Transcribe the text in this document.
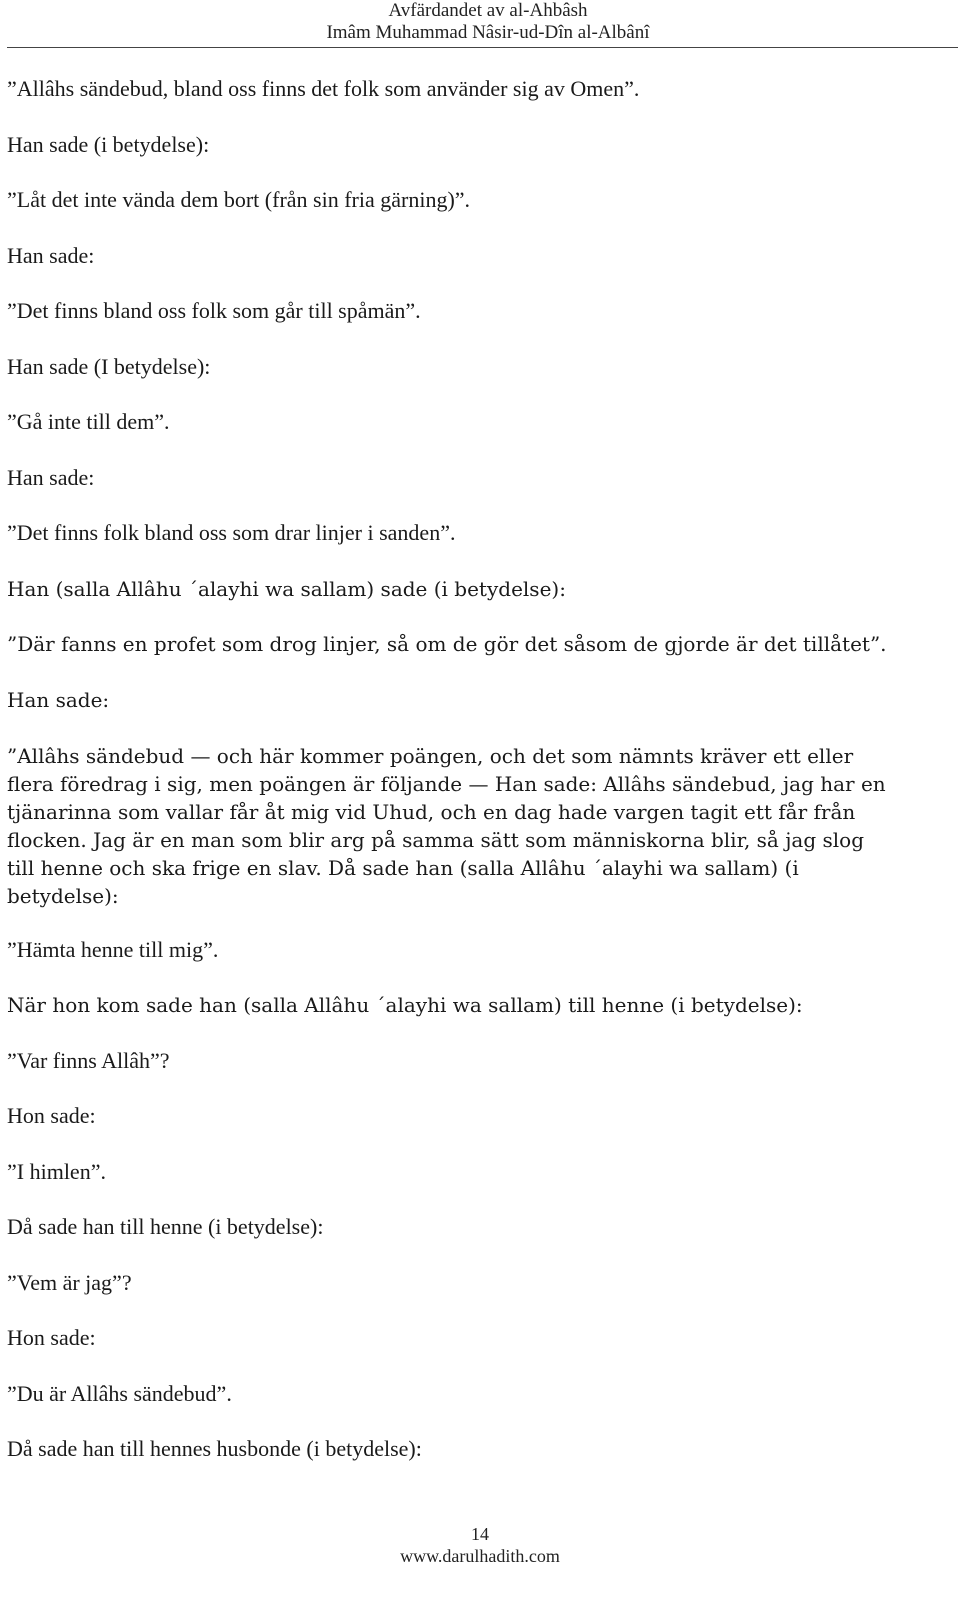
Avfärdandet av al-Ahbâsh
Imâm Muhammad Nâsir-ud-Dîn al-Albânî
”Allâhs sändebud, bland oss finns det folk som använder sig av Omen”.
Han sade (i betydelse):
”Låt det inte vända dem bort (från sin fria gärning)”.
Han sade:
”Det finns bland oss folk som går till spåmän”.
Han sade (I betydelse):
”Gå inte till dem”.
Han sade:
”Det finns folk bland oss som drar linjer i sanden”.
Han (salla Allâhu ´alayhi wa sallam) sade (i betydelse):
”Där fanns en profet som drog linjer, så om de gör det såsom de gjorde är det tillåtet”.
Han sade:
”Allâhs sändebud — och här kommer poängen, och det som nämnts kräver ett eller
flera föredrag i sig, men poängen är följande — Han sade: Allâhs sändebud, jag har en
tjänarinna som vallar får åt mig vid Uhud, och en dag hade vargen tagit ett får från
flocken. Jag är en man som blir arg på samma sätt som människorna blir, så jag slog
till henne och ska frige en slav. Då sade han (salla Allâhu ´alayhi wa sallam) (i
betydelse):
”Hämta henne till mig”.
När hon kom sade han (salla Allâhu ´alayhi wa sallam) till henne (i betydelse):
”Var finns Allâh”?
Hon sade:
”I himlen”.
Då sade han till henne (i betydelse):
”Vem är jag”?
Hon sade:
”Du är Allâhs sändebud”.
Då sade han till hennes husbonde (i betydelse):
14
www.darulhadith.com
